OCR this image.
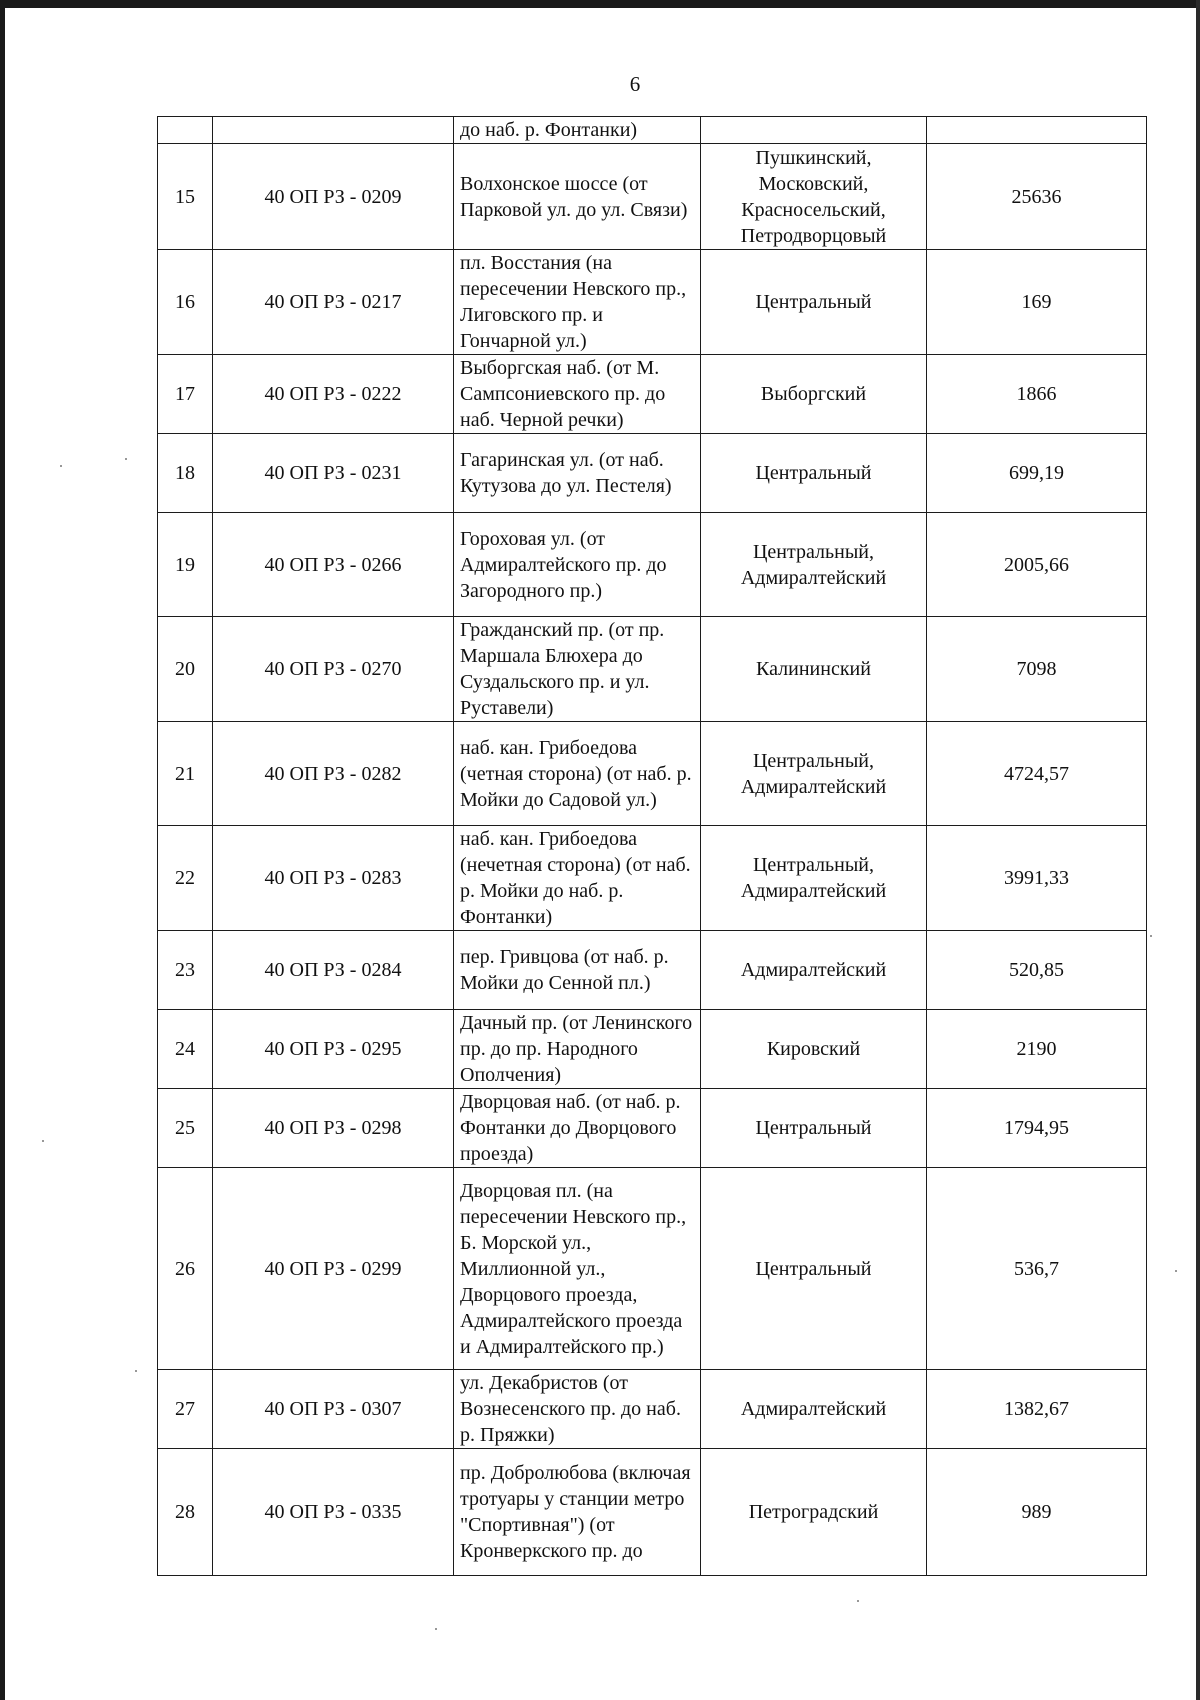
6
		до наб. р. Фонтанки)		
15	40 ОП РЗ - 0209	Волхонское шоссе (от Парковой ул. до ул. Связи)	Пушкинский, Московский, Красносельский, Петродворцовый	25636
16	40 ОП РЗ - 0217	пл. Восстания (на пересечении Невского пр., Лиговского пр. и Гончарной ул.)	Центральный	169
17	40 ОП РЗ - 0222	Выборгская наб. (от М. Сампсониевского пр. до наб. Черной речки)	Выборгский	1866
18	40 ОП РЗ - 0231	Гагаринская ул. (от наб. Кутузова до ул. Пестеля)	Центральный	699,19
19	40 ОП РЗ - 0266	Гороховая ул. (от Адмиралтейского пр. до Загородного пр.)	Центральный, Адмиралтейский	2005,66
20	40 ОП РЗ - 0270	Гражданский пр. (от пр. Маршала Блюхера до Суздальского пр. и ул. Руставели)	Калининский	7098
21	40 ОП РЗ - 0282	наб. кан. Грибоедова (четная сторона) (от наб. р. Мойки до Садовой ул.)	Центральный, Адмиралтейский	4724,57
22	40 ОП РЗ - 0283	наб. кан. Грибоедова (нечетная сторона) (от наб. р. Мойки до наб. р. Фонтанки)	Центральный, Адмиралтейский	3991,33
23	40 ОП РЗ - 0284	пер. Гривцова (от наб. р. Мойки до Сенной пл.)	Адмиралтейский	520,85
24	40 ОП РЗ - 0295	Дачный пр. (от Ленинского пр. до пр. Народного Ополчения)	Кировский	2190
25	40 ОП РЗ - 0298	Дворцовая наб. (от наб. р. Фонтанки до Дворцового проезда)	Центральный	1794,95
26	40 ОП РЗ - 0299	Дворцовая пл. (на пересечении Невского пр., Б. Морской ул., Миллионной ул., Дворцового проезда, Адмиралтейского проезда и Адмиралтейского пр.)	Центральный	536,7
27	40 ОП РЗ - 0307	ул. Декабристов (от Вознесенского пр. до наб. р. Пряжки)	Адмиралтейский	1382,67
28	40 ОП РЗ - 0335	пр. Добролюбова (включая тротуары у станции метро "Спортивная") (от Кронверкского пр. до	Петроградский	989
